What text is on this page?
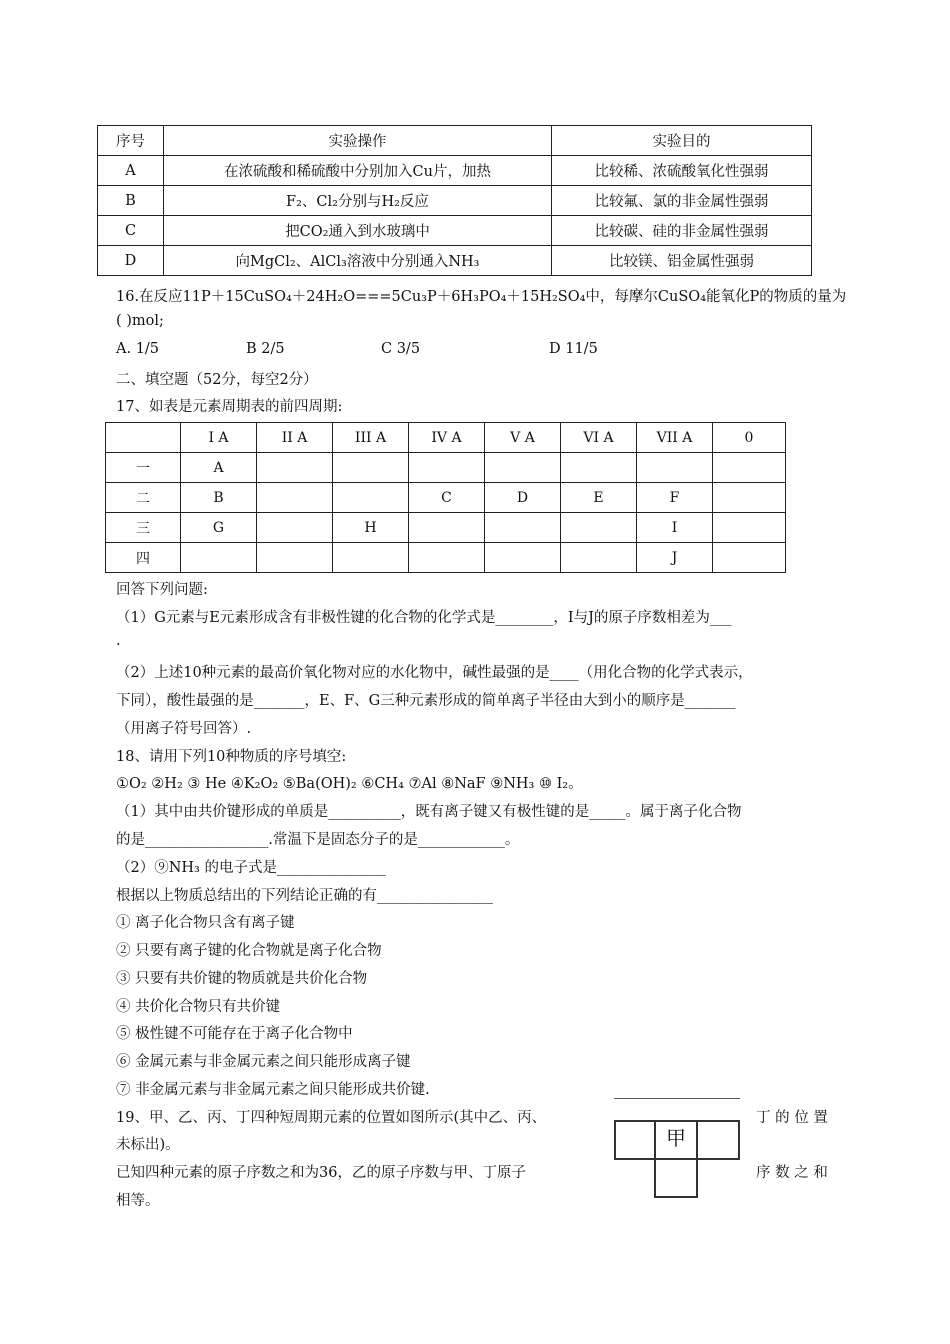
序号	实验操作	实验目的
A	在浓硫酸和稀硫酸中分别加入Cu片，加热	比较稀、浓硫酸氧化性强弱
B	F₂、Cl₂分别与H₂反应	比较氟、氯的非金属性强弱
C	把CO₂通入到水玻璃中	比较碳、硅的非金属性强弱
D	向MgCl₂、AlCl₃溶液中分别通入NH₃	比较镁、铝金属性强弱
16.在反应11P＋15CuSO₄＋24H₂O===5Cu₃P＋6H₃PO₄＋15H₂SO₄中，每摩尔CuSO₄能氧化P的物质的量为
( )mol;
A. 1/5	B 2/5	C 3/5	D 11/5
二、填空题（52分，每空2分）
17、如表是元素周期表的前四周期:
	I A	II A	III A	IV A	V A	VI A	VII A	0
一	A							
二	B			C	D	E	F	
三	G		H				I	
四							J	
回答下列问题:
（1）G元素与E元素形成含有非极性键的化合物的化学式是________，I与J的原子序数相差为___
.
（2）上述10种元素的最高价氧化物对应的水化物中，碱性最强的是____（用化合物的化学式表示，
下同），酸性最强的是_______，E、F、G三种元素形成的简单离子半径由大到小的顺序是_______
（用离子符号回答）.
18、请用下列10种物质的序号填空:
①O₂ ②H₂ ③ He ④K₂O₂ ⑤Ba(OH)₂ ⑥CH₄ ⑦Al ⑧NaF ⑨NH₃ ⑩ I₂。
（1）其中由共价键形成的单质是__________，既有离子键又有极性键的是_____。属于离子化合物
的是_________________.常温下是固态分子的是____________。
（2）⑨NH₃ 的电子式是_______________
根据以上物质总结出的下列结论正确的有________________
① 离子化合物只含有离子键
② 只要有离子键的化合物就是离子化合物
③ 只要有共价键的物质就是共价化合物
④ 共价化合物只有共价键
⑤ 极性键不可能存在于离子化合物中
⑥ 金属元素与非金属元素之间只能形成离子键
⑦ 非金属元素与非金属元素之间只能形成共价键.
19、甲、乙、丙、丁四种短周期元素的位置如图所示(其中乙、丙、	丁 的 位 置
未标出)。
已知四种元素的原子序数之和为36，乙的原子序数与甲、丁原子	序 数 之 和
相等。
甲
